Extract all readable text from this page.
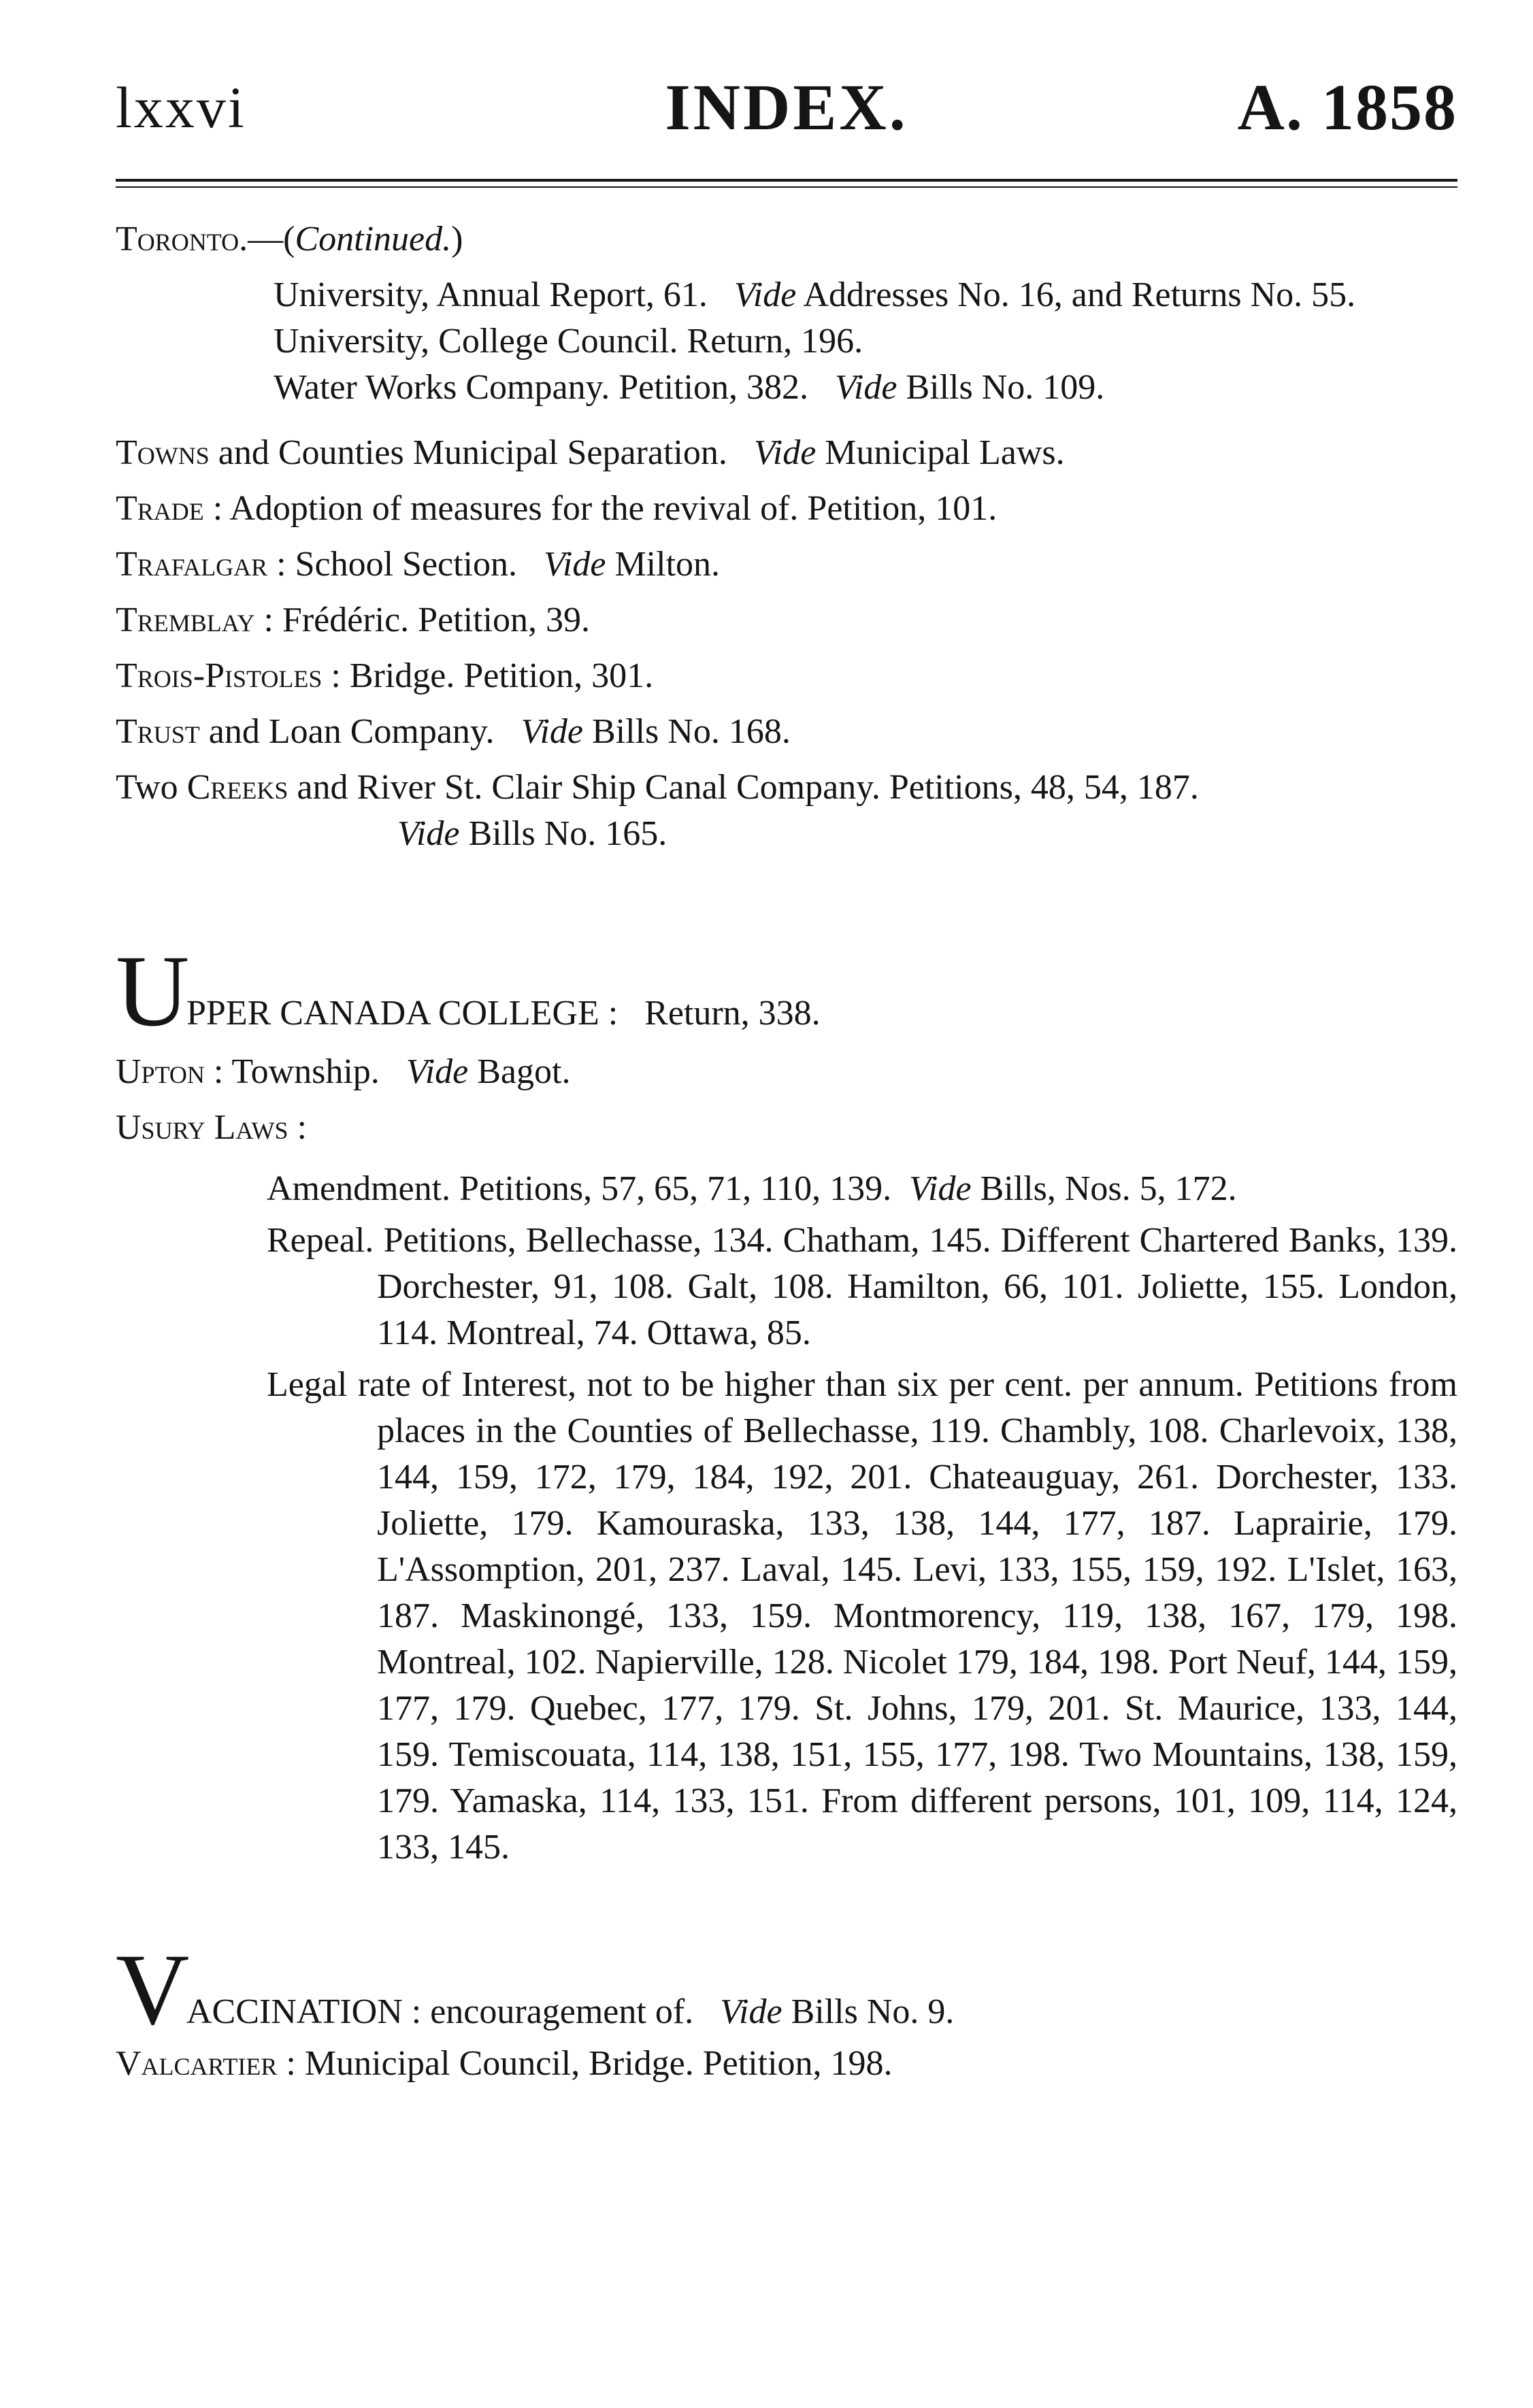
lxxvi	INDEX.	A. 1858
Toronto.—(Continued.)
University, Annual Report, 61. Vide Addresses No. 16, and Returns No. 55.
University, College Council. Return, 196.
Water Works Company. Petition, 382. Vide Bills No. 109.
Towns and Counties Municipal Separation. Vide Municipal Laws.
Trade : Adoption of measures for the revival of. Petition, 101.
Trafalgar : School Section. Vide Milton.
Tremblay : Frédéric. Petition, 39.
Trois-Pistoles : Bridge. Petition, 301.
Trust and Loan Company. Vide Bills No. 168.
Two Creeks and River St. Clair Ship Canal Company. Petitions, 48, 54, 187.
Vide Bills No. 165.
U
PPER CANADA COLLEGE : Return, 338.
Upton : Township. Vide Bagot.
Usury Laws :
Amendment. Petitions, 57, 65, 71, 110, 139. Vide Bills, Nos. 5, 172.
Repeal. Petitions, Bellechasse, 134. Chatham, 145. Different Chartered Banks, 139. Dorchester, 91, 108. Galt, 108. Hamilton, 66, 101. Joliette, 155. London, 114. Montreal, 74. Ottawa, 85.
Legal rate of Interest, not to be higher than six per cent. per annum. Petitions from places in the Counties of Bellechasse, 119. Chambly, 108. Charlevoix, 138, 144, 159, 172, 179, 184, 192, 201. Chateauguay, 261. Dorchester, 133. Joliette, 179. Kamouraska, 133, 138, 144, 177, 187. Laprairie, 179. L'Assomption, 201, 237. Laval, 145. Levi, 133, 155, 159, 192. L'Islet, 163, 187. Maskinongé, 133, 159. Montmorency, 119, 138, 167, 179, 198. Montreal, 102. Napierville, 128. Nicolet 179, 184, 198. Port Neuf, 144, 159, 177, 179. Quebec, 177, 179. St. Johns, 179, 201. St. Maurice, 133, 144, 159. Temiscouata, 114, 138, 151, 155, 177, 198. Two Mountains, 138, 159, 179. Yamaska, 114, 133, 151. From different persons, 101, 109, 114, 124, 133, 145.
V
ACCINATION : encouragement of. Vide Bills No. 9.
Valcartier : Municipal Council, Bridge. Petition, 198.
